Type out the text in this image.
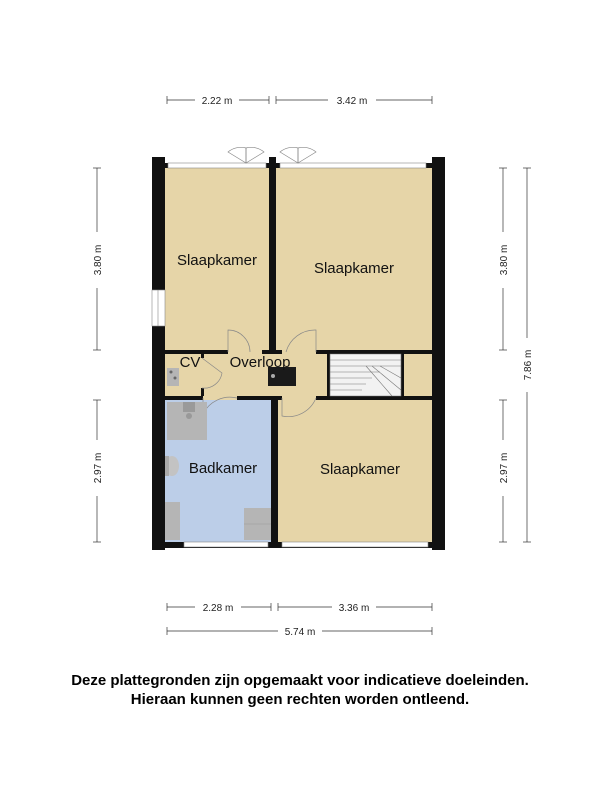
Slaapkamer	Slaapkamer
CV Overloop
Badkamer	Slaapkamer
2.22 m	3.42 m
3.80 m
2.97 m
3.80 m
2.97 m
7.86 m
2.28 m	3.36 m
5.74 m
Deze plattegronden zijn opgemaakt voor indicatieve doeleinden.
Hieraan kunnen geen rechten worden ontleend.
